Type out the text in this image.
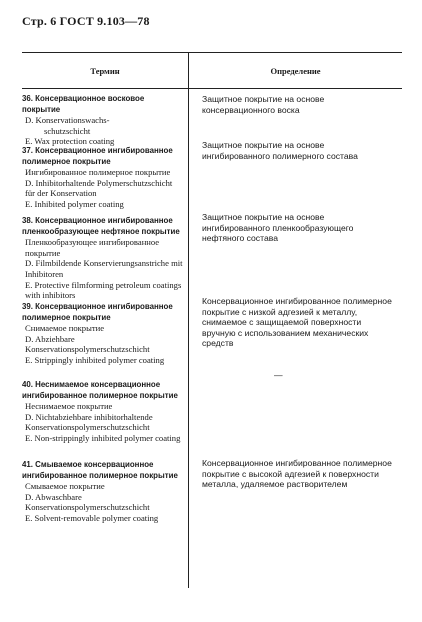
Стр. 6 ГОСТ 9.103—78
Термин	Определение
36. Консервационное восковое покрытие
D. Konservationswachs-
schutzschicht
E. Wax protection coating
Защитное покрытие на основе консервационного воска
37. Консервационное ингибированное полимерное покрытие
Ингибированное полимерное покрытие
D. Inhibitorhaltende Polymerschutzschicht für der Konservation
E. Inhibited polymer coating
Защитное покрытие на основе ингибированного полимерного состава
38. Консервационное ингибированное пленкообразующее нефтяное покрытие
Пленкообразующее ингибированное покрытие
D. Filmbildende Konservierungsanstriche mit Inhibitoren
E. Protective filmforming petroleum coatings with inhibitors
Защитное покрытие на основе ингибированного пленкообразующего нефтяного состава
39. Консервационное ингибированное полимерное покрытие
Снимаемое покрытие
D. Abziehbare Konservationspolymerschutzschicht
E. Strippingly inhibited polymer coating
Консервационное ингибированное полимерное покрытие с низкой адгезией к металлу, снимаемое с защищаемой поверхности вручную с использованием механических средств
40. Неснимаемое консервационное ингибированное полимерное покрытие
Неснимаемое покрытие
D. Nichtabziehbare inhibitorhaltende Konservationspolymerschutzschicht
E. Non-strippingly inhibited polymer coating
—
41. Смываемое консервационное ингибированное полимерное покрытие
Смываемое покрытие
D. Abwaschbare Konservationspolymerschutzschicht
E. Solvent-removable polymer coating
Консервационное ингибированное полимерное покрытие с высокой адгезией к поверхности металла, удаляемое растворителем
